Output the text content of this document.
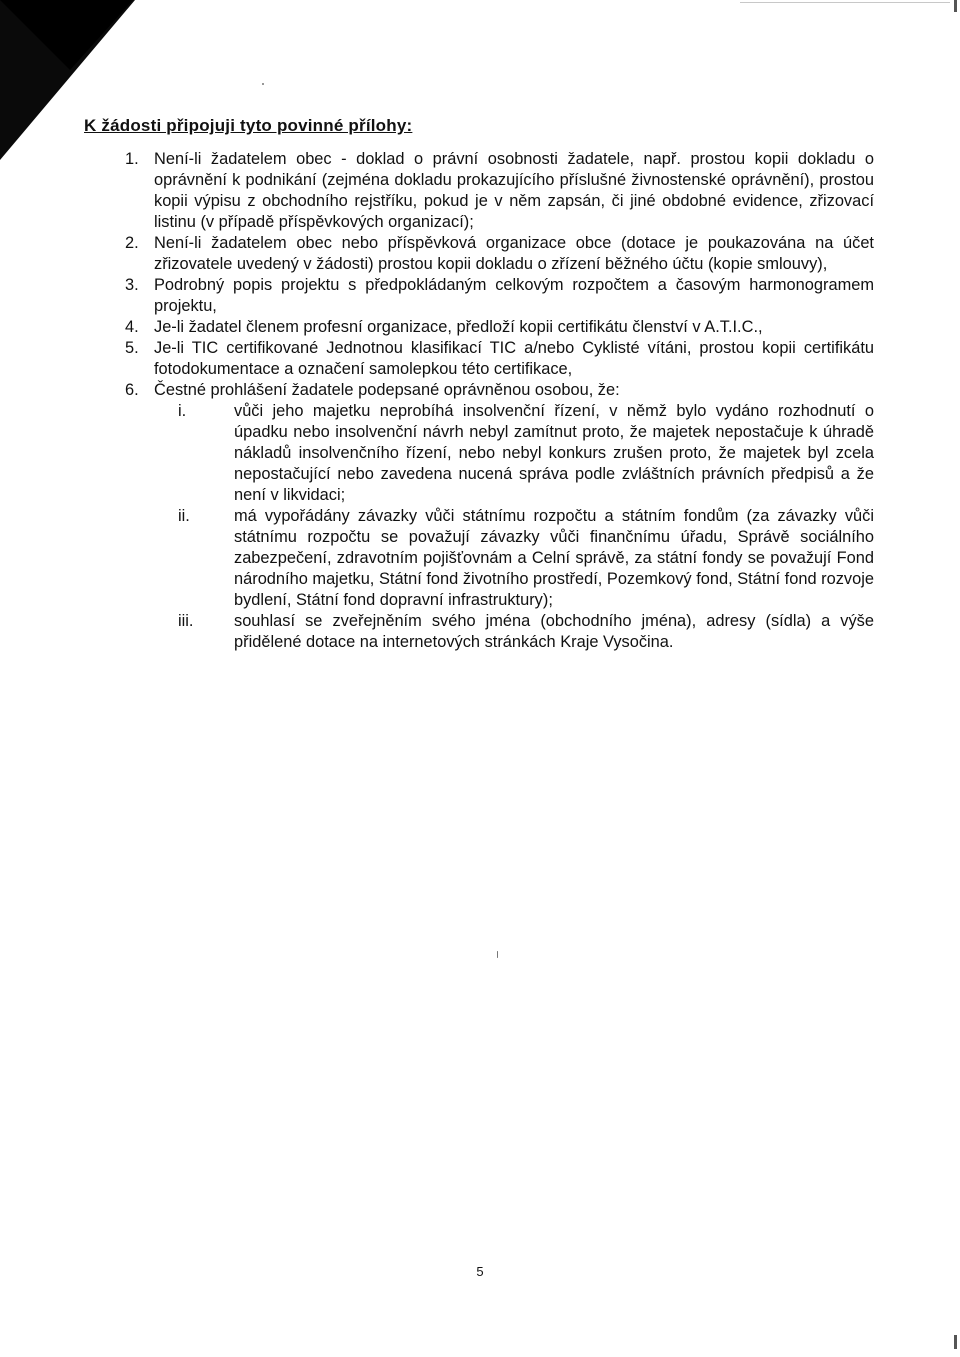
K žádosti připojuji tyto povinné přílohy:
1. Není-li žadatelem obec - doklad o právní osobnosti žadatele, např. prostou kopii dokladu o oprávnění k podnikání (zejména dokladu prokazujícího příslušné živnostenské oprávnění), prostou kopii výpisu z obchodního rejstříku, pokud je v něm zapsán, či jiné obdobné evidence, zřizovací listinu (v případě příspěvkových organizací);
2. Není-li žadatelem obec nebo příspěvková organizace obce (dotace je poukazována na účet zřizovatele uvedený v žádosti) prostou kopii dokladu o zřízení běžného účtu (kopie smlouvy),
3. Podrobný popis projektu s předpokládaným celkovým rozpočtem a časovým harmonogramem projektu,
4. Je-li žadatel členem profesní organizace, předloží kopii certifikátu členství v A.T.I.C.,
5. Je-li TIC certifikované Jednotnou klasifikací TIC a/nebo Cyklisté vítáni, prostou kopii certifikátu fotodokumentace a označení samolepkou této certifikace,
6. Čestné prohlášení žadatele podepsané oprávněnou osobou, že:
i.	vůči jeho majetku neprobíhá insolvenční řízení, v němž bylo vydáno rozhodnutí o úpadku nebo insolvenční návrh nebyl zamítnut proto, že majetek nepostačuje k úhradě nákladů insolvenčního řízení, nebo nebyl konkurs zrušen proto, že majetek byl zcela nepostačující nebo zavedena nucená správa podle zvláštních právních předpisů a že není v likvidaci;
ii.	má vypořádány závazky vůči státnímu rozpočtu a státním fondům (za závazky vůči státnímu rozpočtu se považují závazky vůči finančnímu úřadu, Správě sociálního zabezpečení, zdravotním pojišťovnám a Celní správě, za státní fondy se považují Fond národního majetku, Státní fond životního prostředí, Pozemkový fond, Státní fond rozvoje bydlení, Státní fond dopravní infrastruktury);
iii. souhlasí se zveřejněním svého jména (obchodního jména), adresy (sídla) a výše přidělené dotace na internetových stránkách Kraje Vysočina.
5
